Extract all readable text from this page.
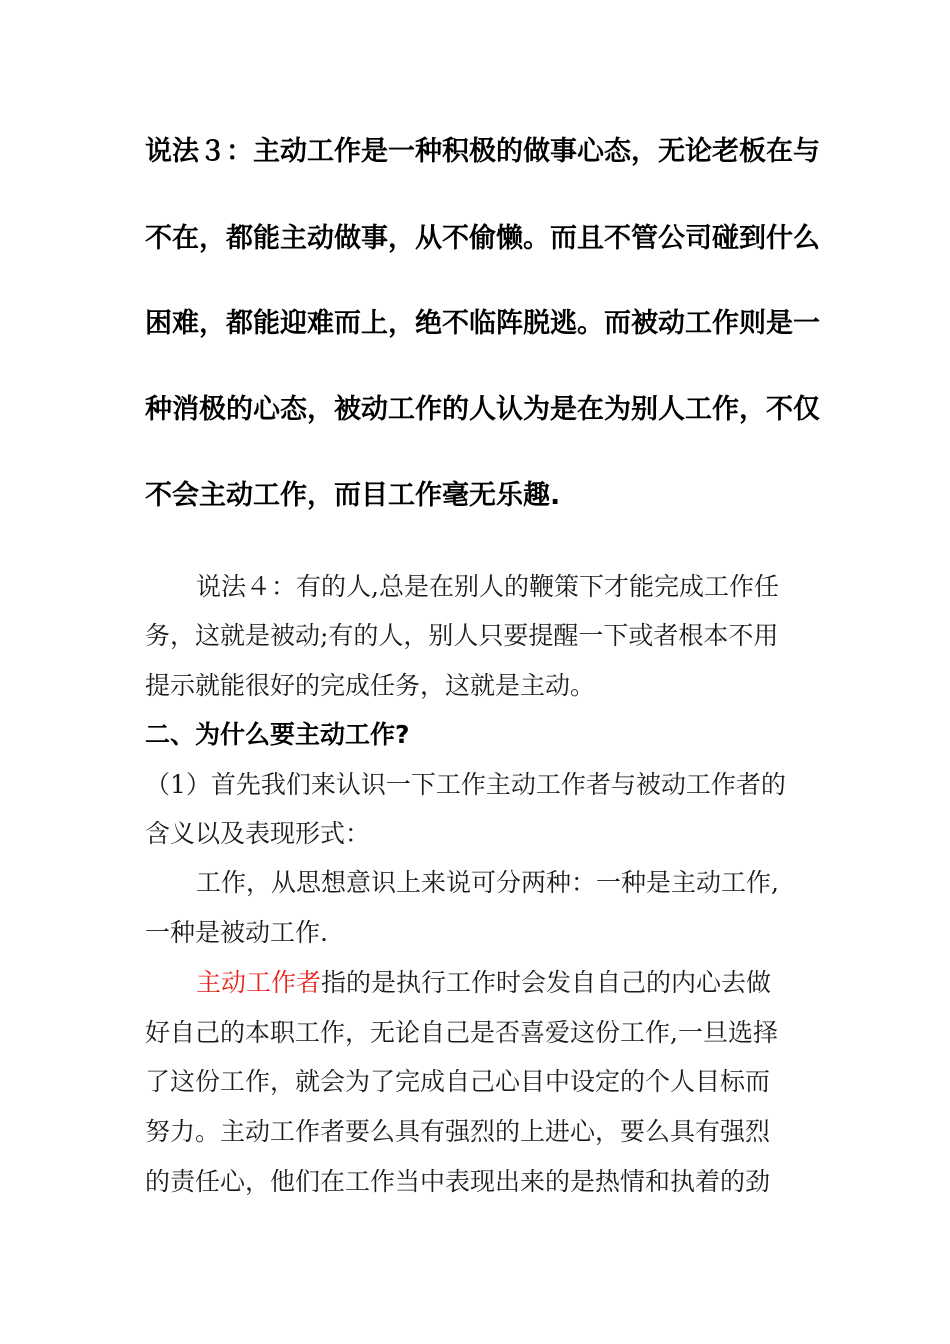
说法３：主动工作是一种积极的做事心态，无论老板在与

不在，都能主动做事，从不偷懒。而且不管公司碰到什么

困难，都能迎难而上，绝不临阵脱逃。而被动工作则是一

种消极的心态，被动工作的人认为是在为别人工作，不仅

不会主动工作，而目工作毫无乐趣.

说法４：有的人,总是在别人的鞭策下才能完成工作任

务，这就是被动;有的人，别人只要提醒一下或者根本不用

提示就能很好的完成任务，这就是主动。

二、为什么要主动工作?

（1）首先我们来认识一下工作主动工作者与被动工作者的

含义以及表现形式：

工作，从思想意识上来说可分两种：一种是主动工作,

一种是被动工作.

主动工作者指的是执行工作时会发自自己的内心去做

好自己的本职工作，无论自己是否喜爱这份工作,一旦选择

了这份工作，就会为了完成自己心目中设定的个人目标而

努力。主动工作者要么具有强烈的上进心，要么具有强烈

的责任心，他们在工作当中表现出来的是热情和执着的劲
